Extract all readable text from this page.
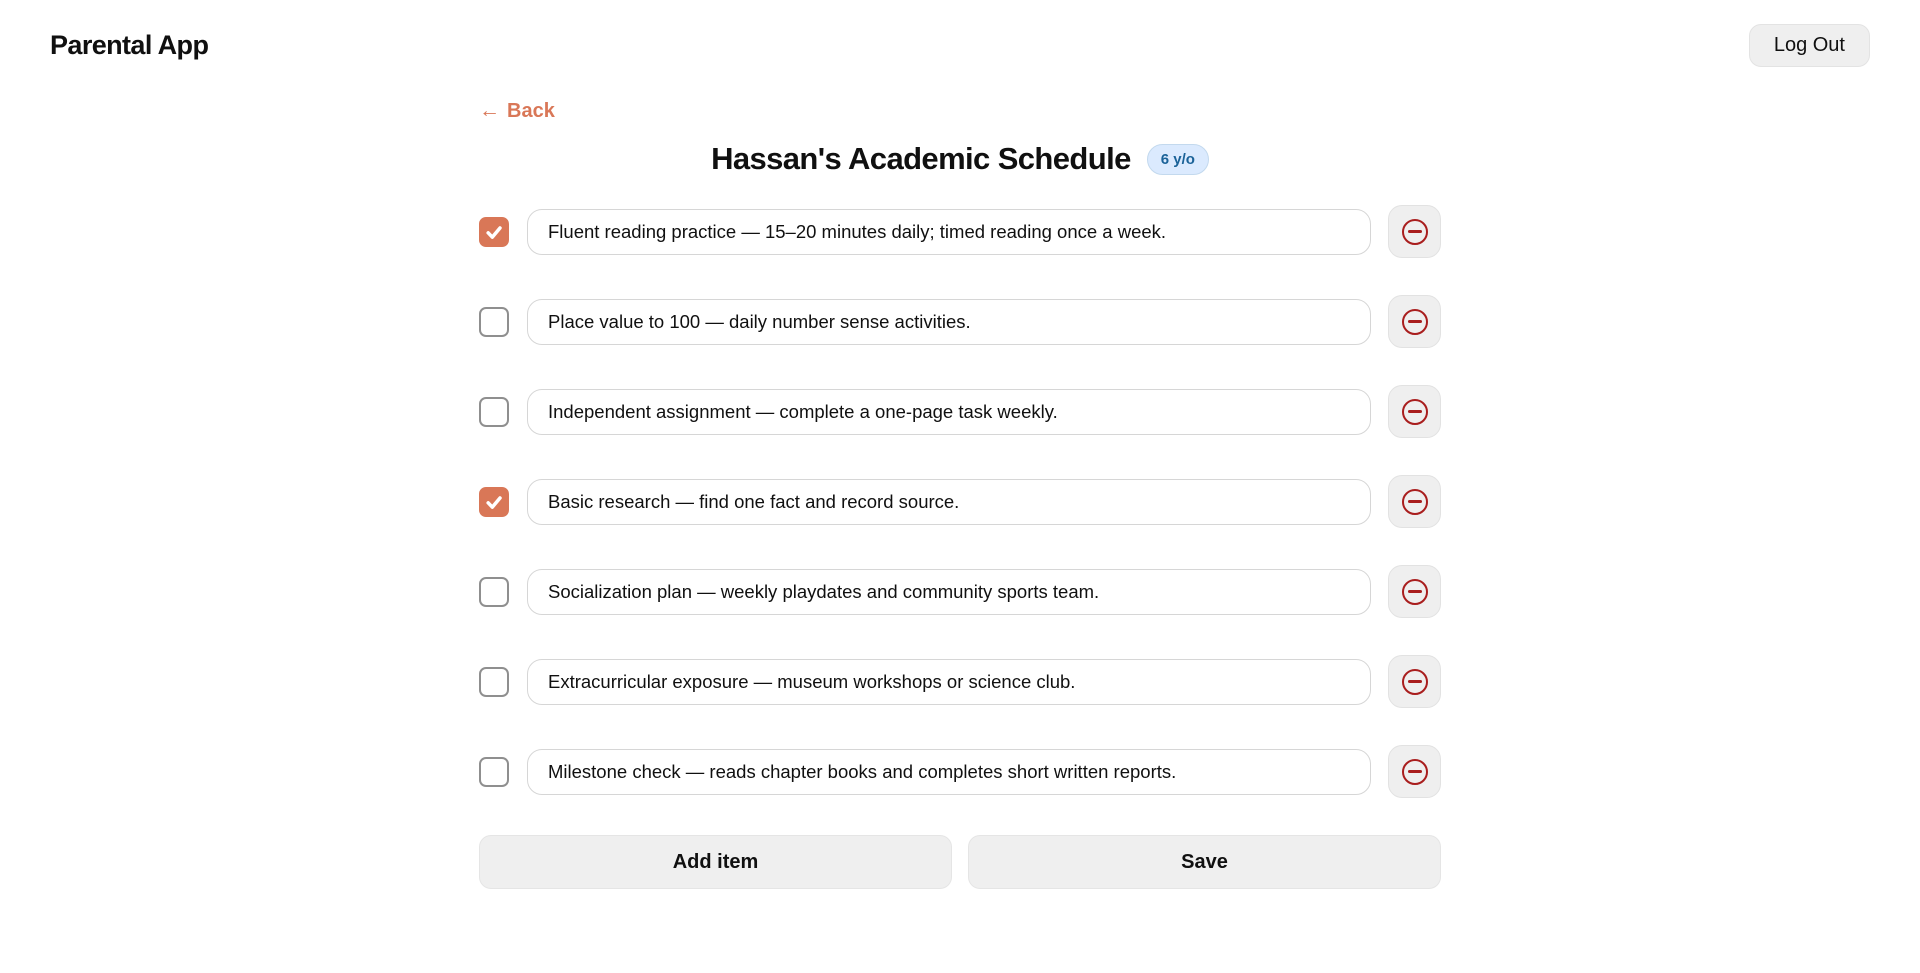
Parental App	Log Out
← Back
Hassan's Academic Schedule	6 y/o
Fluent reading practice — 15–20 minutes daily; timed reading once a week.
Place value to 100 — daily number sense activities.
Independent assignment — complete a one-page task weekly.
Basic research — find one fact and record source.
Socialization plan — weekly playdates and community sports team.
Extracurricular exposure — museum workshops or science club.
Milestone check — reads chapter books and completes short written reports.
Add item	Save
